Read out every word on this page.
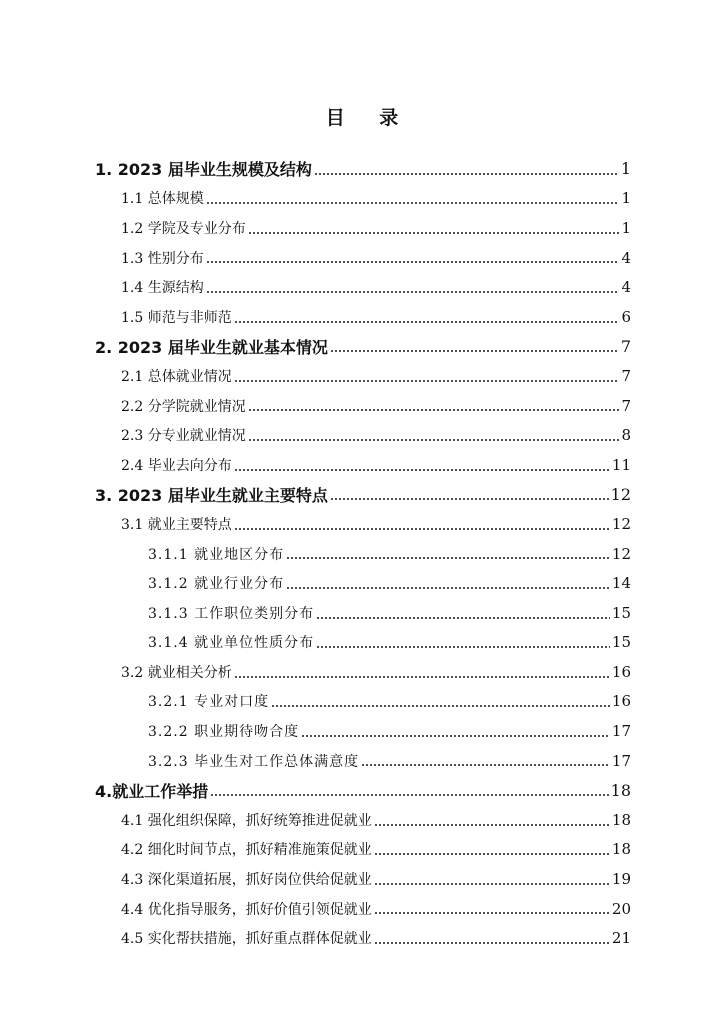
目 录
1. 2023 届毕业生规模及结构	1
1.1 总体规模	1
1.2 学院及专业分布	1
1.3 性别分布	4
1.4 生源结构	4
1.5 师范与非师范	6
2. 2023 届毕业生就业基本情况	7
2.1 总体就业情况	7
2.2 分学院就业情况	7
2.3 分专业就业情况	8
2.4 毕业去向分布	11
3. 2023 届毕业生就业主要特点	12
3.1 就业主要特点	12
3.1.1 就业地区分布	12
3.1.2 就业行业分布	14
3.1.3 工作职位类别分布	15
3.1.4 就业单位性质分布	15
3.2 就业相关分析	16
3.2.1 专业对口度	16
3.2.2 职业期待吻合度	17
3.2.3 毕业生对工作总体满意度	17
4.就业工作举措	18
4.1 强化组织保障，抓好统筹推进促就业	18
4.2 细化时间节点，抓好精准施策促就业	18
4.3 深化渠道拓展，抓好岗位供给促就业	19
4.4 优化指导服务，抓好价值引领促就业	20
4.5 实化帮扶措施，抓好重点群体促就业	21
